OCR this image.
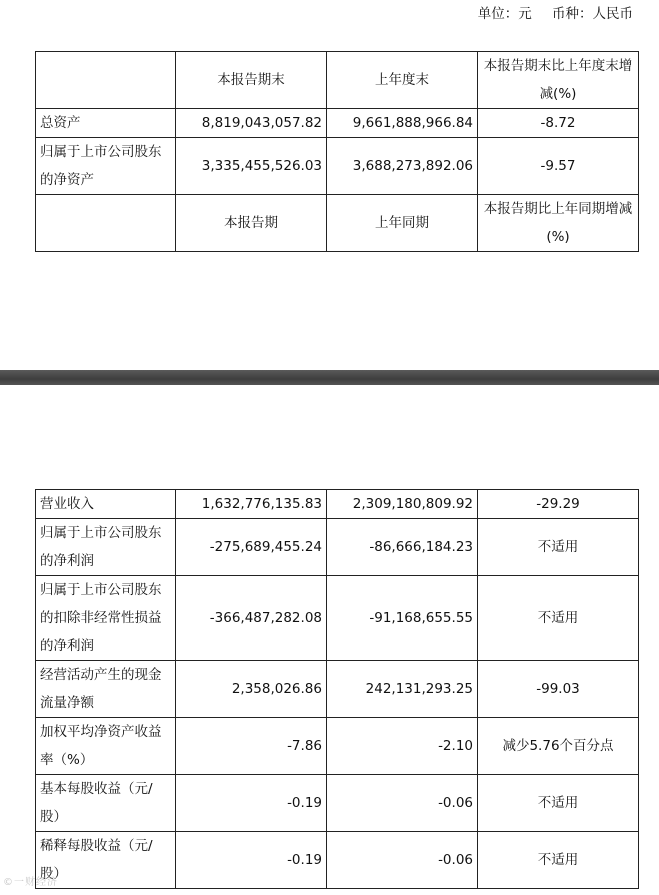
单位：元 币种：人民币
	本报告期末	上年度末	本报告期末比上年度末增减(%)
总资产	8,819,043,057.82	9,661,888,966.84	-8.72
归属于上市公司股东的净资产	3,335,455,526.03	3,688,273,892.06	-9.57
	本报告期	上年同期	本报告期比上年同期增减(%)
营业收入	1,632,776,135.83	2,309,180,809.92	-29.29
归属于上市公司股东的净利润	-275,689,455.24	-86,666,184.23	不适用
归属于上市公司股东的扣除非经常性损益的净利润	-366,487,282.08	-91,168,655.55	不适用
经营活动产生的现金流量净额	2,358,026.86	242,131,293.25	-99.03
加权平均净资产收益率（%）	-7.86	-2.10	减少5.76个百分点
基本每股收益（元/股）	-0.19	-0.06	不适用
稀释每股收益（元/股）	-0.19	-0.06	不适用
©一财经济
